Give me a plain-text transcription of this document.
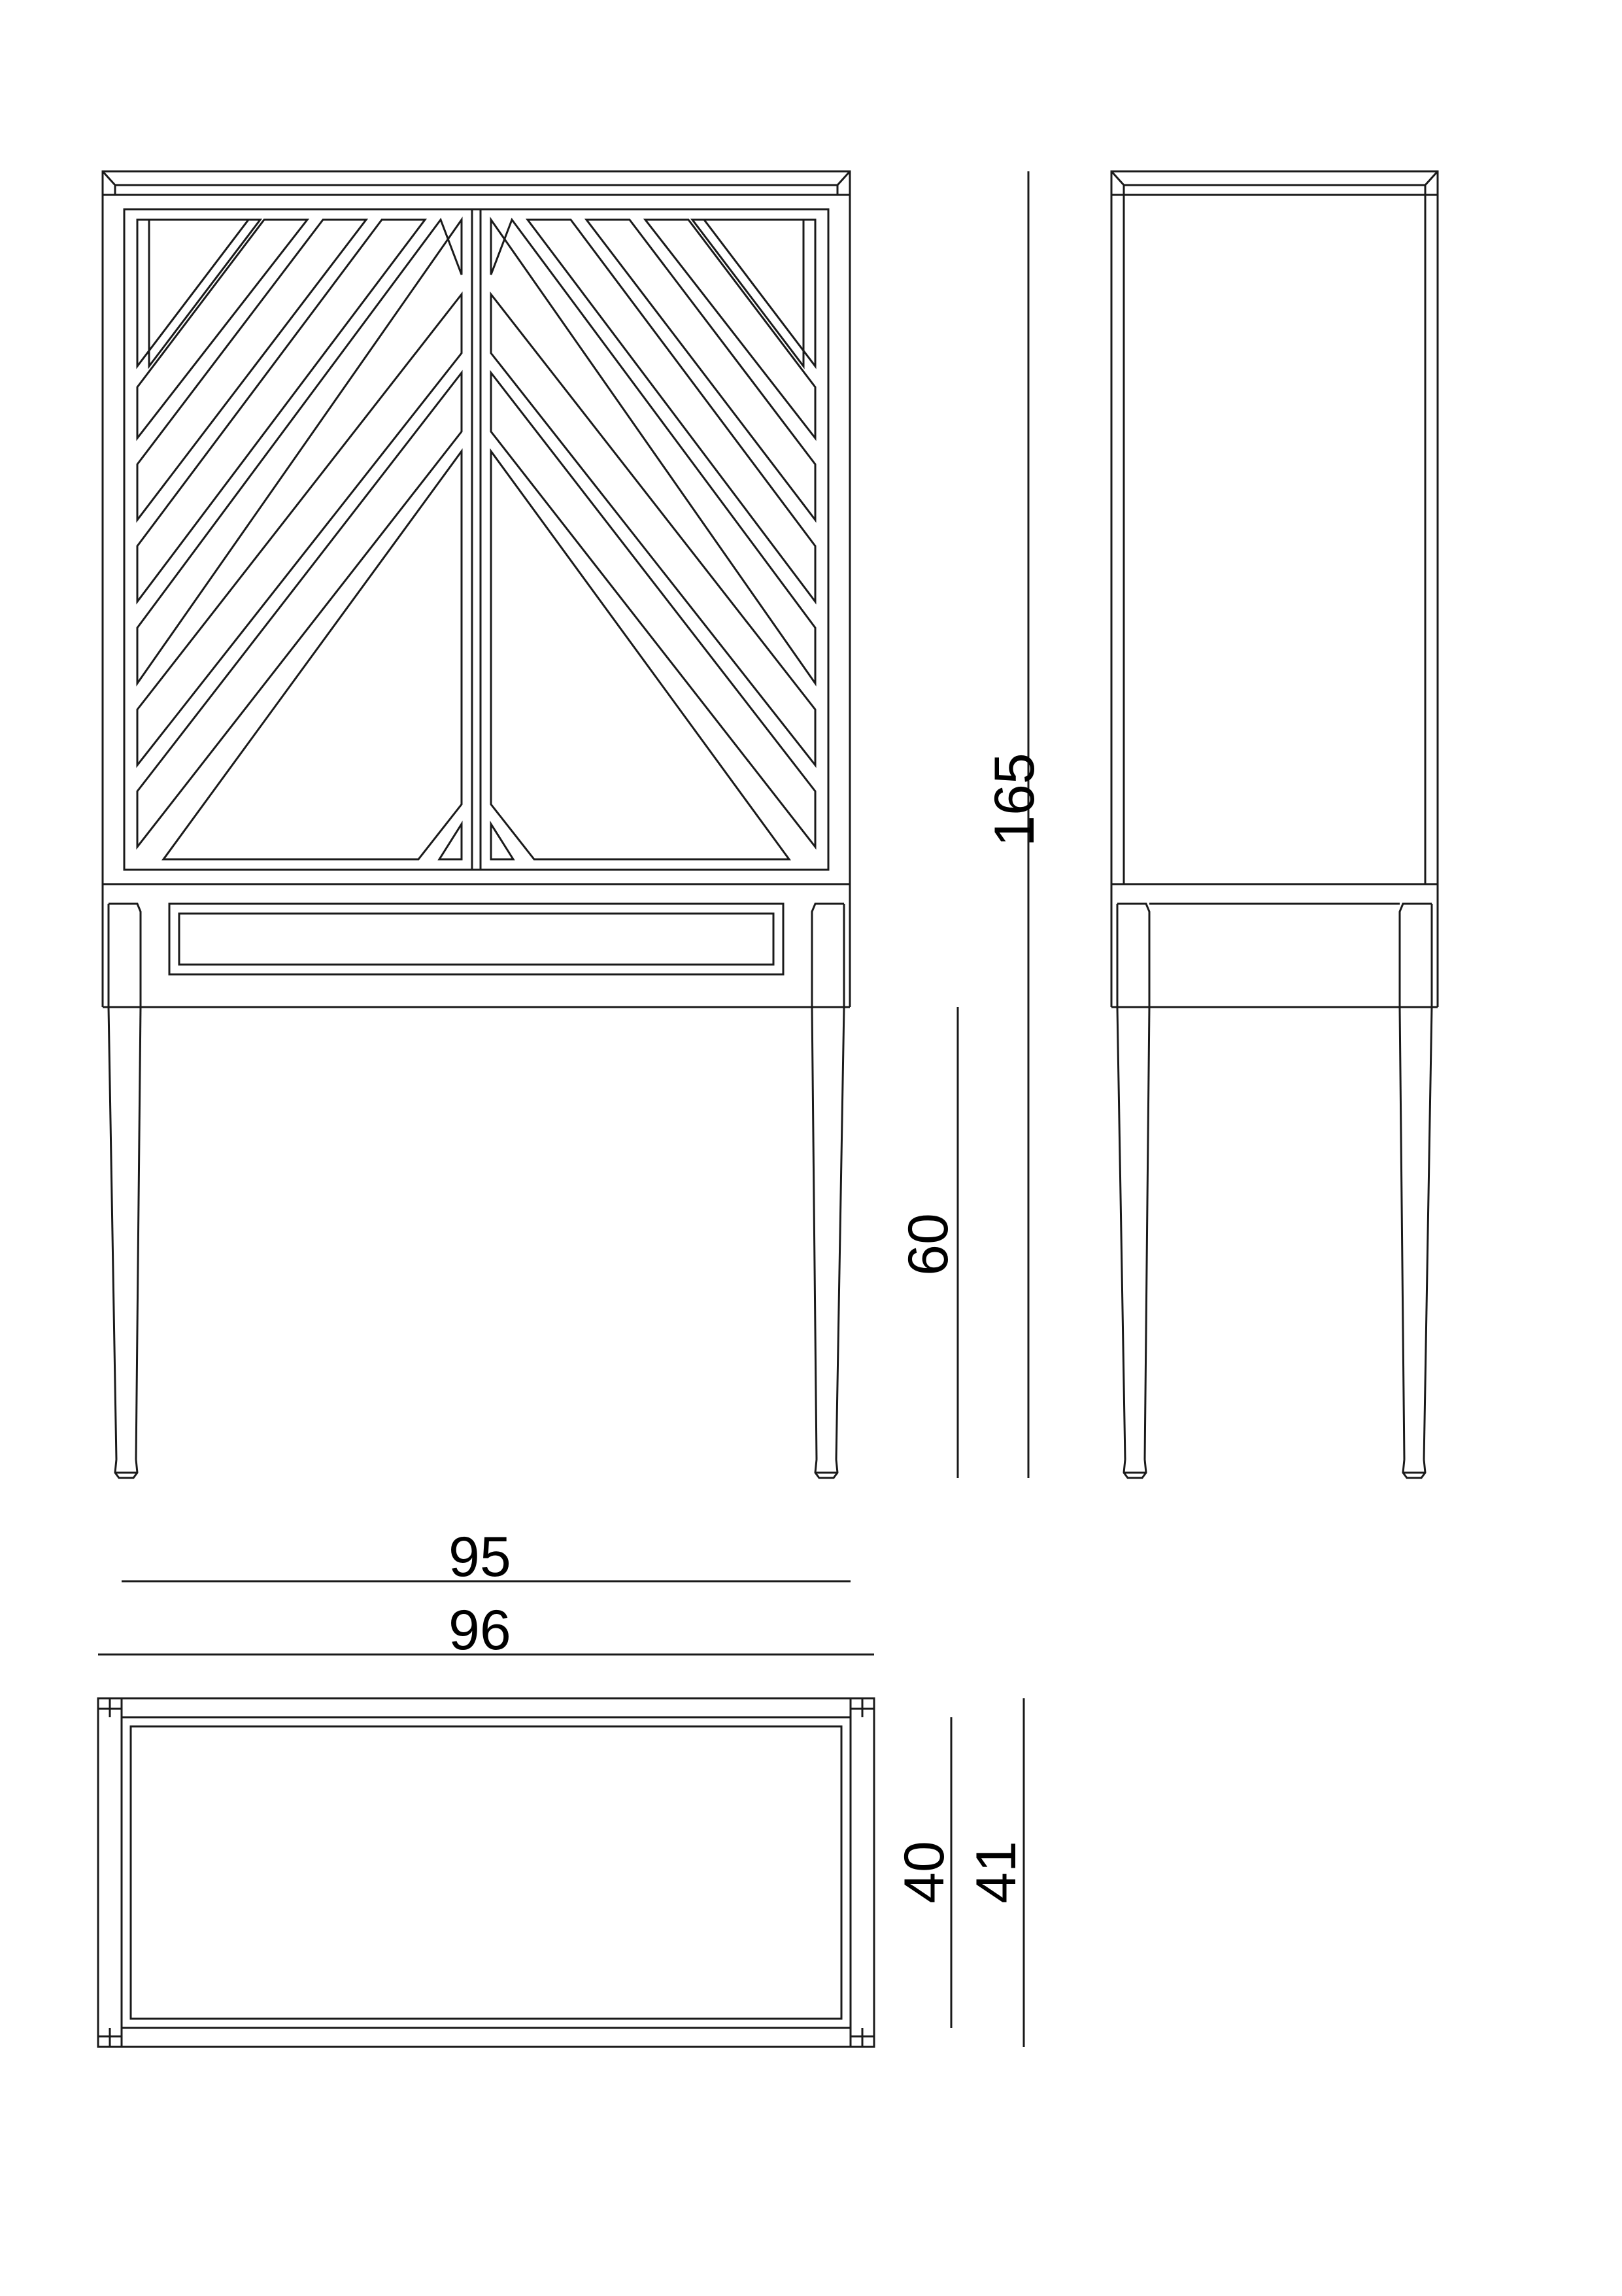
165
60
95
96
40 41
